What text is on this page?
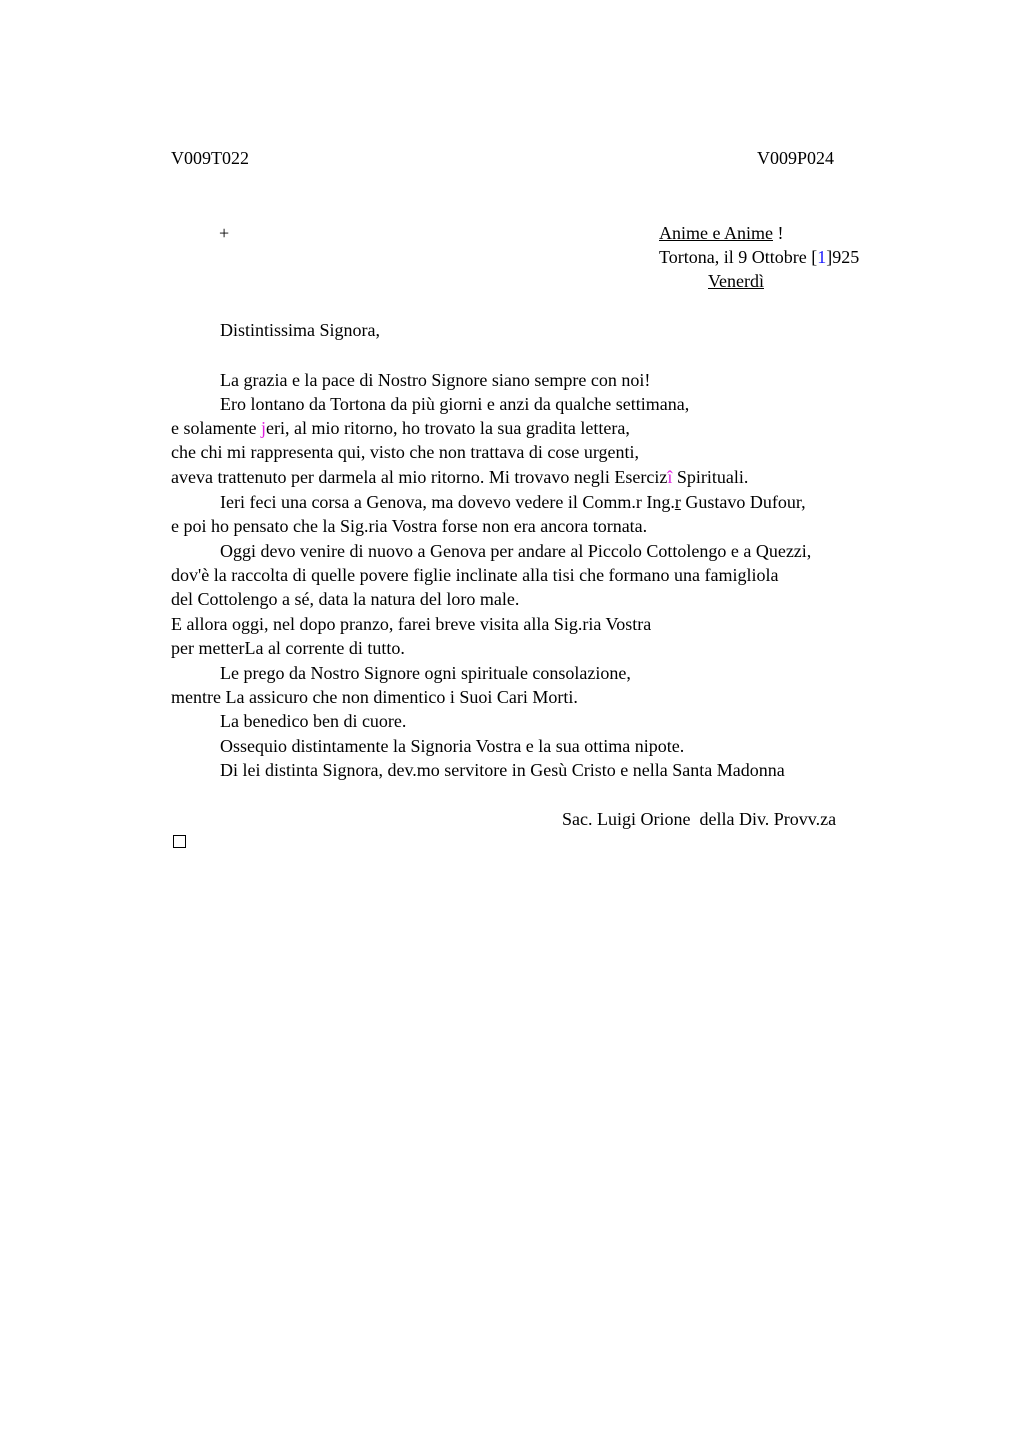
V009T022	V009P024
+	Anime e Anime !
Tortona, il 9 Ottobre [1]925
Venerdì
Distintissima Signora,
La grazia e la pace di Nostro Signore siano sempre con noi!
Ero lontano da Tortona da più giorni e anzi da qualche settimana,
e solamente jeri, al mio ritorno, ho trovato la sua gradita lettera,
che chi mi rappresenta qui, visto che non trattava di cose urgenti,
aveva trattenuto per darmela al mio ritorno. Mi trovavo negli Esercizî Spirituali.
Ieri feci una corsa a Genova, ma dovevo vedere il Comm.r Ing.r Gustavo Dufour,
e poi ho pensato che la Sig.ria Vostra forse non era ancora tornata.
Oggi devo venire di nuovo a Genova per andare al Piccolo Cottolengo e a Quezzi,
dov'è la raccolta di quelle povere figlie inclinate alla tisi che formano una famigliola
del Cottolengo a sé, data la natura del loro male.
E allora oggi, nel dopo pranzo, farei breve visita alla Sig.ria Vostra
per metterLa al corrente di tutto.
Le prego da Nostro Signore ogni spirituale consolazione,
mentre La assicuro che non dimentico i Suoi Cari Morti.
La benedico ben di cuore.
Ossequio distintamente la Signoria Vostra e la sua ottima nipote.
Di lei distinta Signora, dev.mo servitore in Gesù Cristo e nella Santa Madonna
Sac. Luigi Orione  della Div. Provv.za
